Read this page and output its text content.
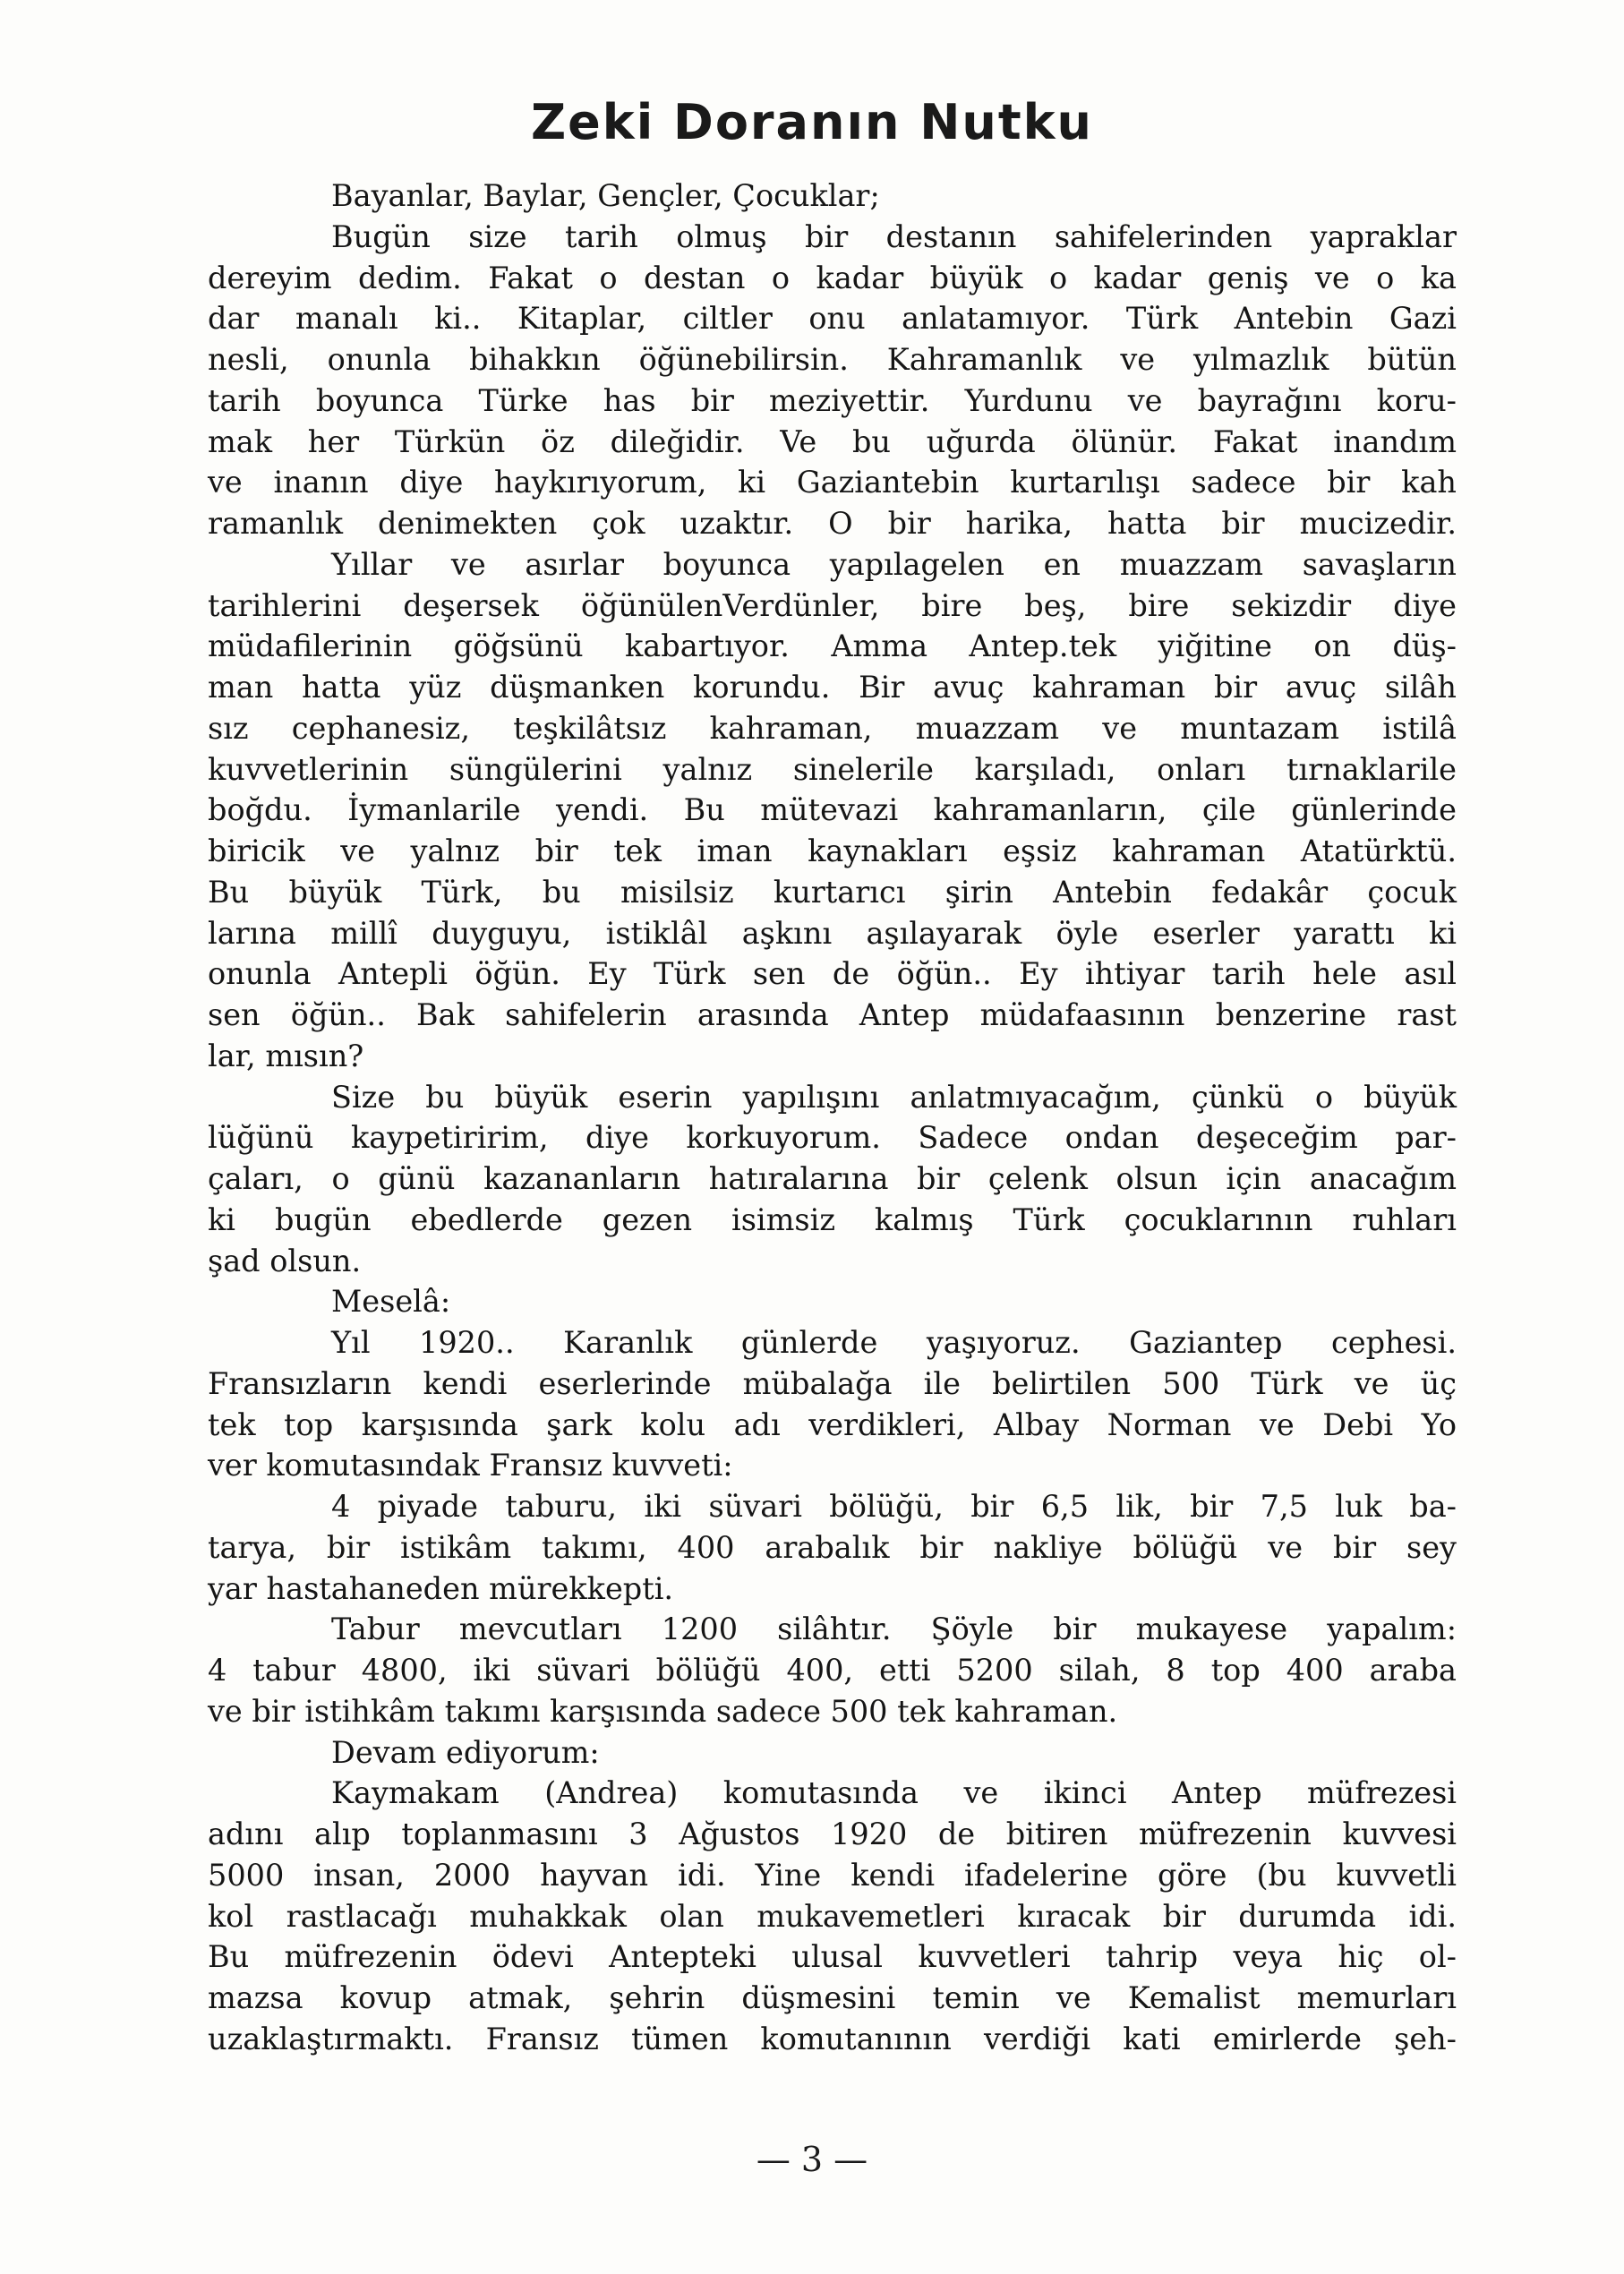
Zeki Doranın Nutku
Bayanlar, Baylar, Gençler, Çocuklar;
Bugün size tarih olmuş bir destanın sahifelerinden yapraklar
dereyim dedim. Fakat o destan o kadar büyük o kadar geniş ve o ka
dar manalı ki.. Kitaplar, ciltler onu anlatamıyor. Türk Antebin Gazi
nesli, onunla bihakkın öğünebilirsin. Kahramanlık ve yılmazlık bütün
tarih boyunca Türke has bir meziyettir. Yurdunu ve bayrağını koru-
mak her Türkün öz dileğidir. Ve bu uğurda ölünür. Fakat inandım
ve inanın diye haykırıyorum, ki Gaziantebin kurtarılışı sadece bir kah
ramanlık denimekten çok uzaktır. O bir harika, hatta bir mucizedir.
Yıllar ve asırlar boyunca yapılagelen en muazzam savaşların
tarihlerini deşersek öğünülenVerdünler, bire beş, bire sekizdir diye
müdafilerinin göğsünü kabartıyor. Amma Antep.tek yiğitine on düş-
man hatta yüz düşmanken korundu. Bir avuç kahraman bir avuç silâh
sız cephanesiz, teşkilâtsız kahraman, muazzam ve muntazam istilâ
kuvvetlerinin süngülerini yalnız sinelerile karşıladı, onları tırnaklarile
boğdu. İymanlarile yendi. Bu mütevazi kahramanların, çile günlerinde
biricik ve yalnız bir tek iman kaynakları eşsiz kahraman Atatürktü.
Bu büyük Türk, bu misilsiz kurtarıcı şirin Antebin fedakâr çocuk
larına millî duyguyu, istiklâl aşkını aşılayarak öyle eserler yarattı ki
onunla Antepli öğün. Ey Türk sen de öğün.. Ey ihtiyar tarih hele asıl
sen öğün.. Bak sahifelerin arasında Antep müdafaasının benzerine rast
lar, mısın?
Size bu büyük eserin yapılışını anlatmıyacağım, çünkü o büyük
lüğünü kaypetiririm, diye korkuyorum. Sadece ondan deşeceğim par-
çaları, o günü kazananların hatıralarına bir çelenk olsun için anacağım
ki bugün ebedlerde gezen isimsiz kalmış Türk çocuklarının ruhları
şad olsun.
Meselâ:
Yıl 1920.. Karanlık günlerde yaşıyoruz. Gaziantep cephesi.
Fransızların kendi eserlerinde mübalağa ile belirtilen 500 Türk ve üç
tek top karşısında şark kolu adı verdikleri, Albay Norman ve Debi Yo
ver komutasındak Fransız kuvveti:
4 piyade taburu, iki süvari bölüğü, bir 6,5 lik, bir 7,5 luk ba-
tarya, bir istikâm takımı, 400 arabalık bir nakliye bölüğü ve bir sey
yar hastahaneden mürekkepti.
Tabur mevcutları 1200 silâhtır. Şöyle bir mukayese yapalım:
4 tabur 4800, iki süvari bölüğü 400, etti 5200 silah, 8 top 400 araba
ve bir istihkâm takımı karşısında sadece 500 tek kahraman.
Devam ediyorum:
Kaymakam (Andrea) komutasında ve ikinci Antep müfrezesi
adını alıp toplanmasını 3 Ağustos 1920 de bitiren müfrezenin kuvvesi
5000 insan, 2000 hayvan idi. Yine kendi ifadelerine göre (bu kuvvetli
kol rastlacağı muhakkak olan mukavemetleri kıracak bir durumda idi.
Bu müfrezenin ödevi Antepteki ulusal kuvvetleri tahrip veya hiç ol-
mazsa kovup atmak, şehrin düşmesini temin ve Kemalist memurları
uzaklaştırmaktı. Fransız tümen komutanının verdiği kati emirlerde şeh-
— 3 —
